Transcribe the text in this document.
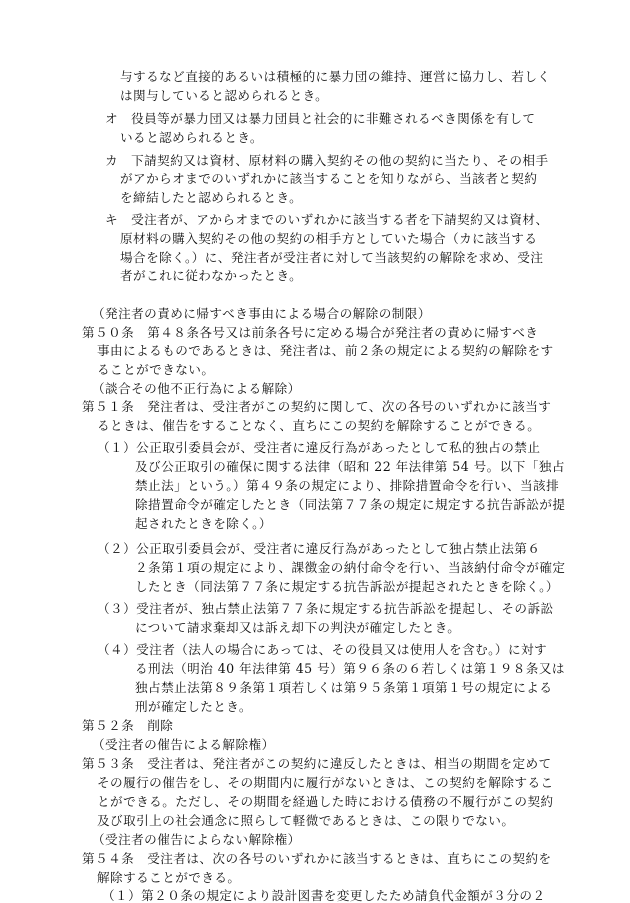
与するなど直接的あるいは積極的に暴力団の維持、運営に協力し、若しく
は関与していると認められるとき。
オ　役員等が暴力団又は暴力団員と社会的に非難されるべき関係を有して
いると認められるとき。
カ　下請契約又は資材、原材料の購入契約その他の契約に当たり、その相手
がアからオまでのいずれかに該当することを知りながら、当該者と契約
を締結したと認められるとき。
キ　受注者が、アからオまでのいずれかに該当する者を下請契約又は資材、
原材料の購入契約その他の契約の相手方としていた場合（カに該当する
場合を除く。）に、発注者が受注者に対して当該契約の解除を求め、受注
者がこれに従わなかったとき。
（発注者の責めに帰すべき事由による場合の解除の制限）
第５０条　第４８条各号又は前条各号に定める場合が発注者の責めに帰すべき
事由によるものであるときは、発注者は、前２条の規定による契約の解除をす
ることができない。
（談合その他不正行為による解除）
第５１条　発注者は、受注者がこの契約に関して、次の各号のいずれかに該当す
るときは、催告をすることなく、直ちにこの契約を解除することができる。
（１）公正取引委員会が、受注者に違反行為があったとして私的独占の禁止
及び公正取引の確保に関する法律（昭和 22 年法律第 54 号。以下「独占
禁止法」という。）第４９条の規定により、排除措置命令を行い、当該排
除措置命令が確定したとき（同法第７７条の規定に規定する抗告訴訟が提
起されたときを除く。）
（２）公正取引委員会が、受注者に違反行為があったとして独占禁止法第６
２条第１項の規定により、課徴金の納付命令を行い、当該納付命令が確定
したとき（同法第７７条に規定する抗告訴訟が提起されたときを除く。）
（３）受注者が、独占禁止法第７７条に規定する抗告訴訟を提起し、その訴訟
について請求棄却又は訴え却下の判決が確定したとき。
（４）受注者（法人の場合にあっては、その役員又は使用人を含む。）に対す
る刑法（明治 40 年法律第 45 号）第９６条の６若しくは第１９８条又は
独占禁止法第８９条第１項若しくは第９５条第１項第１号の規定による
刑が確定したとき。
第５２条　削除
（受注者の催告による解除権）
第５３条　受注者は、発注者がこの契約に違反したときは、相当の期間を定めて
その履行の催告をし、その期間内に履行がないときは、この契約を解除するこ
とができる。ただし、その期間を経過した時における債務の不履行がこの契約
及び取引上の社会通念に照らして軽微であるときは、この限りでない。
（受注者の催告によらない解除権）
第５４条　受注者は、次の各号のいずれかに該当するときは、直ちにこの契約を
解除することができる。
（１）第２０条の規定により設計図書を変更したため請負代金額が３分の２
